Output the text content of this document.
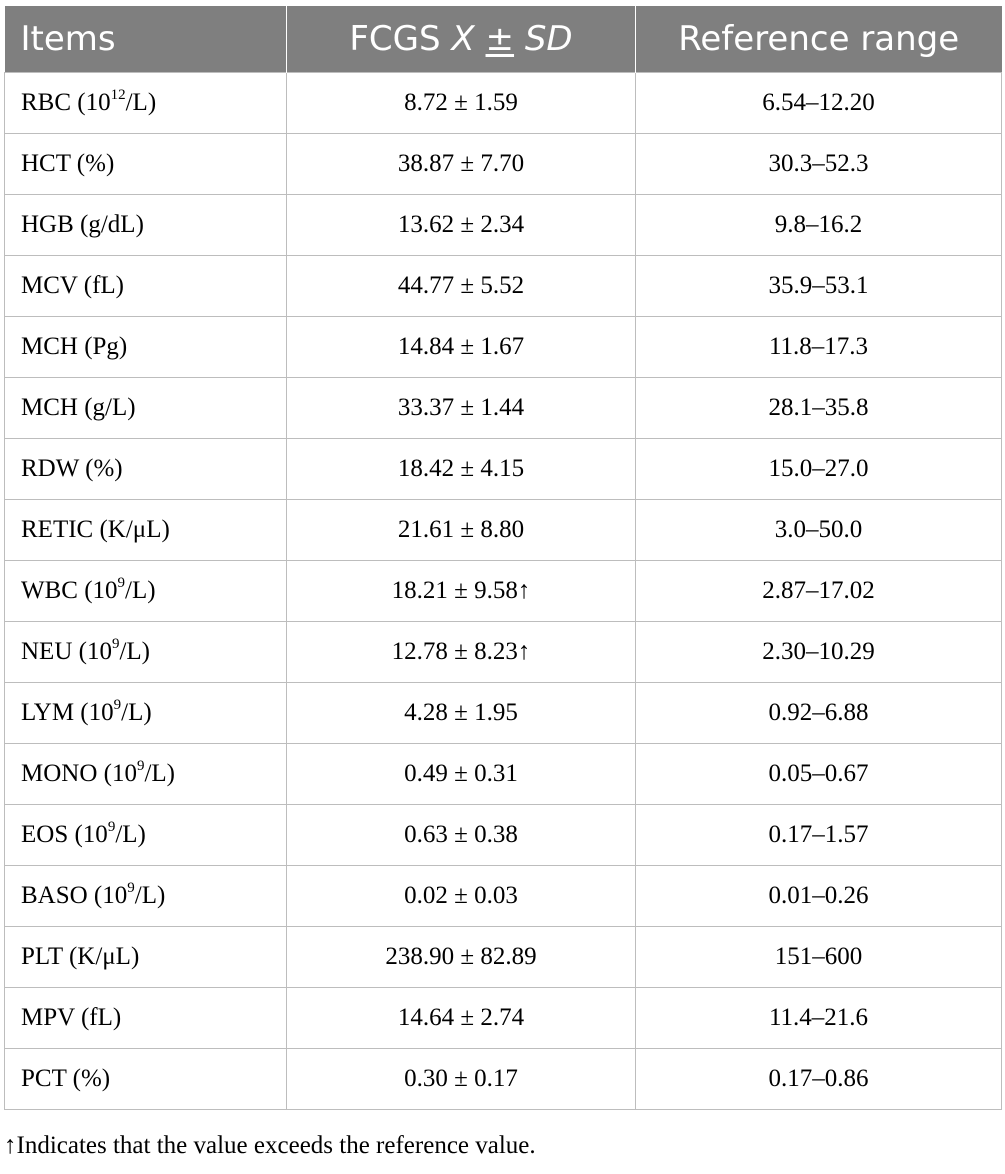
Items	FCGS X ± SD	Reference range
RBC $(10^{12}/L)$	8.72 ± 1.59	6.54–12.20
HCT (%)	38.87 ± 7.70	30.3–52.3
HGB (g/dL)	13.62 ± 2.34	9.8–16.2
MCV (fL)	44.77 ± 5.52	35.9–53.1
MCH (Pg)	14.84 ± 1.67	11.8–17.3
MCH (g/L)	33.37 ± 1.44	28.1–35.8
RDW (%)	18.42 ± 4.15	15.0–27.0
RETIC (K/μL)	21.61 ± 8.80	3.0–50.0
WBC $(10^9/L)$	18.21 ± 9.58↑	2.87–17.02
NEU $(10^9/L)$	12.78 ± 8.23↑	2.30–10.29
LYM $(10^9/L)$	4.28 ± 1.95	0.92–6.88
MONO $(10^9/L)$	0.49 ± 0.31	0.05–0.67
EOS $(10^9/L)$	0.63 ± 0.38	0.17–1.57
BASO $(10^9/L)$	0.02 ± 0.03	0.01–0.26
PLT (K/μL)	238.90 ± 82.89	151–600
MPV (fL)	14.64 ± 2.74	11.4–21.6
PCT (%)	0.30 ± 0.17	0.17–0.86
↑Indicates that the value exceeds the reference value.
